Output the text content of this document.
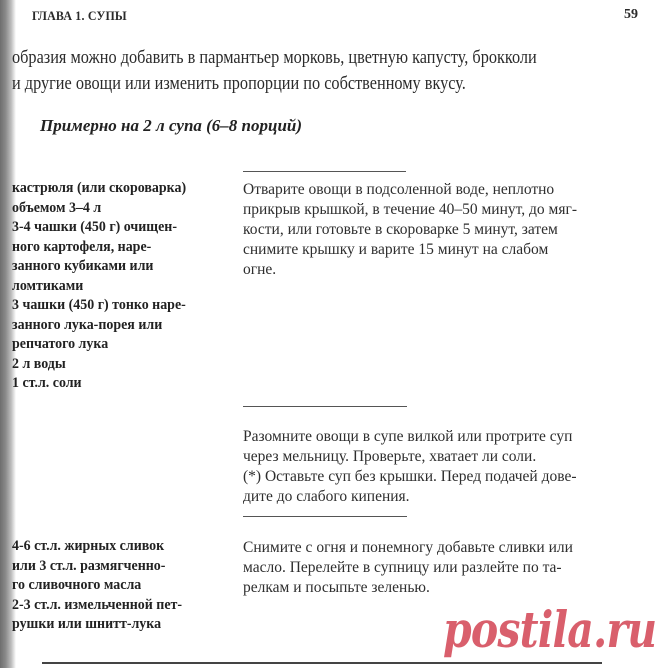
ГЛАВА 1. СУПЫ	59
образия можно добавить в пармантьер морковь, цветную капусту, брокколи
и другие овощи или изменить пропорции по собственному вкусу.
Примерно на 2 л супа (6–8 порций)
кастрюля (или скороварка)
объемом 3–4 л
3-4 чашки (450 г) очищен-
ного картофеля, наре-
занного кубиками или
ломтиками
3 чашки (450 г) тонко наре-
занного лука-порея или
репчатого лука
2 л воды
1 ст.л. соли
Отварите овощи в подсоленной воде, неплотно
прикрыв крышкой, в течение 40–50 минут, до мяг-
кости, или готовьте в скороварке 5 минут, затем
снимите крышку и варите 15 минут на слабом
огне.
Разомните овощи в супе вилкой или протрите суп
через мельницу. Проверьте, хватает ли соли.
(*) Оставьте суп без крышки. Перед подачей дове-
дите до слабого кипения.
4-6 ст.л. жирных сливок
или 3 ст.л. размягченно-
го сливочного масла
2-3 ст.л. измельченной пет-
рушки или шнитт-лука
Снимите с огня и понемногу добавьте сливки или
масло. Перелейте в супницу или разлейте по та-
релкам и посыпьте зеленью.
postila.ru
